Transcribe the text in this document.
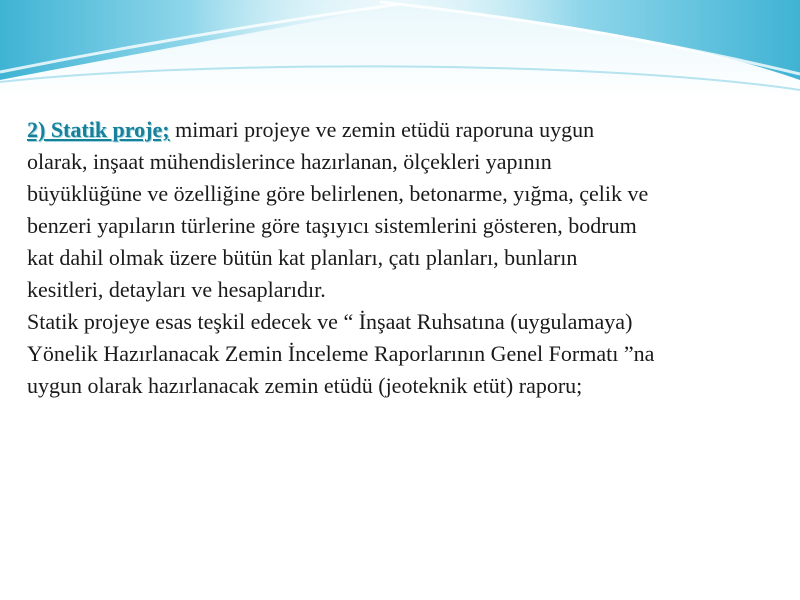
2) Statik proje; mimari projeye ve zemin etüdü raporuna uygun
olarak, inşaat mühendislerince hazırlanan, ölçekleri yapının
büyüklüğüne ve özelliğine göre belirlenen, betonarme, yığma, çelik ve
benzeri yapıların türlerine göre taşıyıcı sistemlerini gösteren, bodrum
kat dahil olmak üzere bütün kat planları, çatı planları, bunların
kesitleri, detayları ve hesaplarıdır.

Statik projeye esas teşkil edecek ve “ İnşaat Ruhsatına (uygulamaya)
Yönelik Hazırlanacak Zemin İnceleme Raporlarının Genel Formatı ”na
uygun olarak hazırlanacak zemin etüdü (jeoteknik etüt) raporu;
